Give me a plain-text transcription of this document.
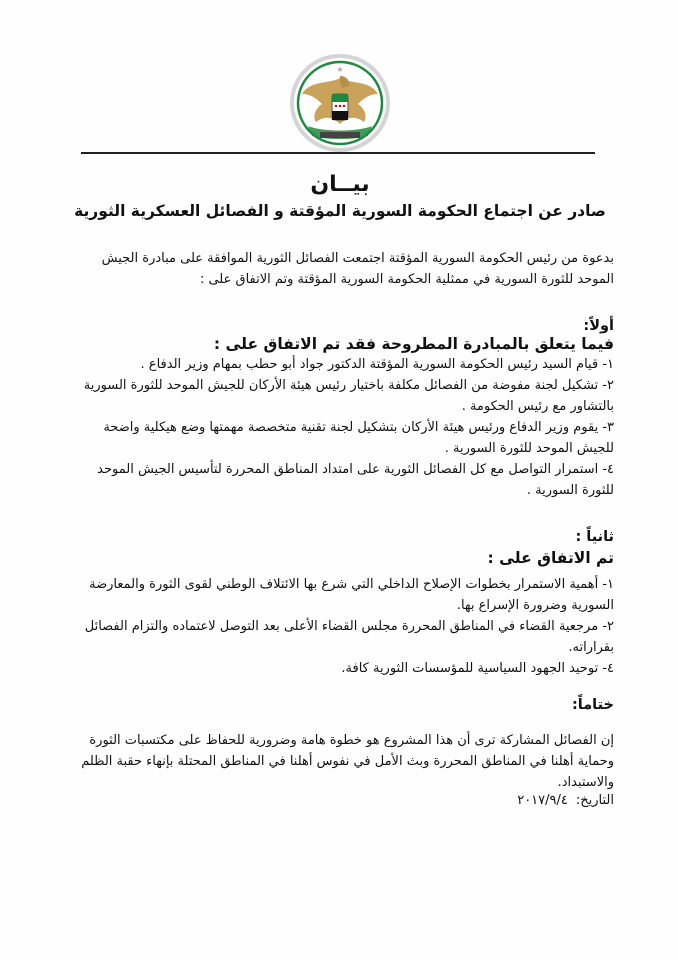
★
بيــان
صادر عن اجتماع الحكومة السورية المؤقتة و الفصائل العسكرية الثورية
بدعوة من رئيس الحكومة السورية المؤقتة اجتمعت الفصائل الثورية الموافقة على مبادرة الجيش الموحد للثورة السورية في ممثلية الحكومة السورية المؤقتة وتم الاتفاق على :
أولاً:
فيما يتعلق بالمبادرة المطروحة فقد تم الاتفاق على :
١- قيام السيد رئيس الحكومة السورية المؤقتة الدكتور جواد أبو حطب بمهام وزير الدفاع .
٢- تشكيل لجنة مفوضة من الفصائل مكلفة باختيار رئيس هيئة الأركان للجيش الموحد للثورة السورية بالتشاور مع رئيس الحكومة .
٣- يقوم وزير الدفاع ورئيس هيئة الأركان بتشكيل لجنة تقنية متخصصة مهمتها وضع هيكلية واضحة للجيش الموحد للثورة السورية .
٤- استمرار التواصل مع كل الفصائل الثورية على امتداد المناطق المحررة لتأسيس الجيش الموحد للثورة السورية .
ثانياً :
تم الاتفاق على :
١- أهمية الاستمرار بخطوات الإصلاح الداخلي التي شرع بها الائتلاف الوطني لقوى الثورة والمعارضة السورية وضرورة الإسراع بها.
٢- مرجعية القضاء في المناطق المحررة مجلس القضاء الأعلى بعد التوصل لاعتماده والتزام الفصائل بقراراته.
٤- توحيد الجهود السياسية للمؤسسات الثورية كافة.
ختاماً:
إن الفصائل المشاركة ترى أن هذا المشروع هو خطوة هامة وضرورية للحفاظ على مكتسبات الثورة وحماية أهلنا في المناطق المحررة وبث الأمل في نفوس أهلنا في المناطق المحتلة بإنهاء حقبة الظلم والاستبداد.
التاريخ:٢٠١٧/٩/٤
